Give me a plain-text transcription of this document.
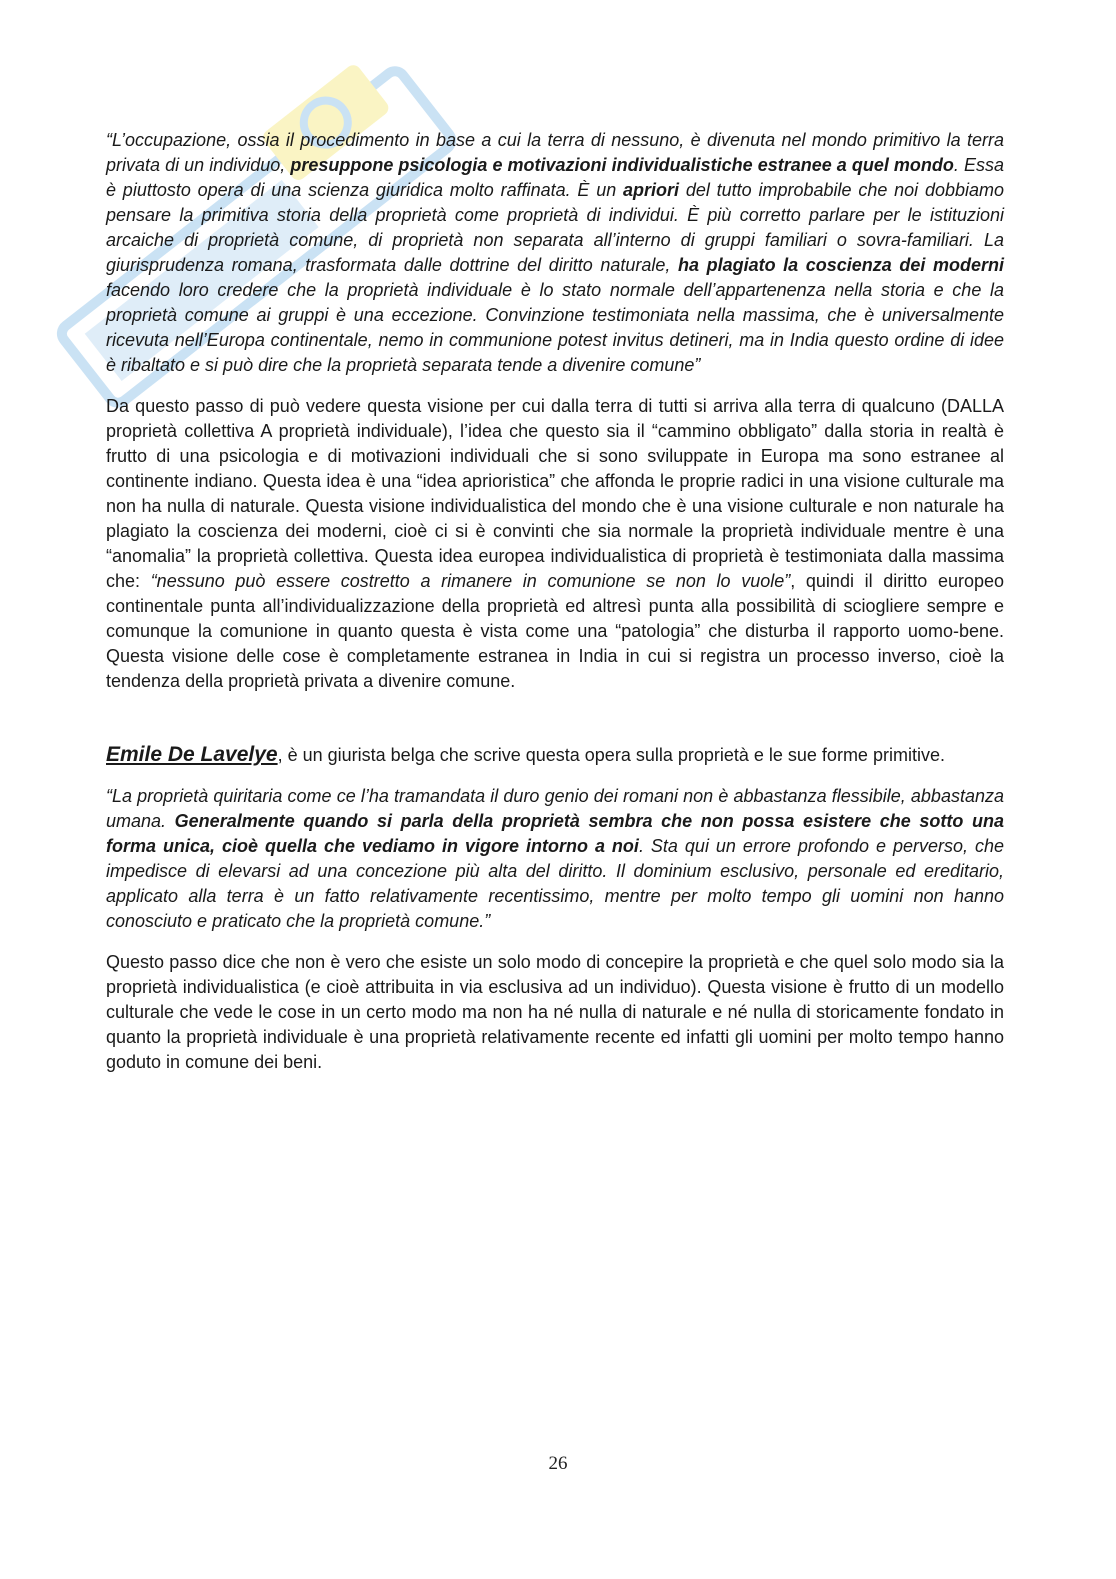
“L’occupazione, ossia il procedimento in base a cui la terra di nessuno, è divenuta nel mondo primitivo la terra privata di un individuo, presuppone psicologia e motivazioni individualistiche estranee a quel mondo. Essa è piuttosto opera di una scienza giuridica molto raffinata. È un apriori del tutto improbabile che noi dobbiamo pensare la primitiva storia della proprietà come proprietà di individui. È più corretto parlare per le istituzioni arcaiche di proprietà comune, di proprietà non separata all’interno di gruppi familiari o sovra-familiari. La giurisprudenza romana, trasformata dalle dottrine del diritto naturale, ha plagiato la coscienza dei moderni facendo loro credere che la proprietà individuale è lo stato normale dell’appartenenza nella storia e che la proprietà comune ai gruppi è una eccezione. Convinzione testimoniata nella massima, che è universalmente ricevuta nell’Europa continentale, nemo in communione potest invitus detineri, ma in India questo ordine di idee è ribaltato e si può dire che la proprietà separata tende a divenire comune”

Da questo passo di può vedere questa visione per cui dalla terra di tutti si arriva alla terra di qualcuno (DALLA proprietà collettiva A proprietà individuale), l’idea che questo sia il “cammino obbligato” dalla storia in realtà è frutto di una psicologia e di motivazioni individuali che si sono sviluppate in Europa ma sono estranee al continente indiano. Questa idea è una “idea aprioristica” che affonda le proprie radici in una visione culturale ma non ha nulla di naturale. Questa visione individualistica del mondo che è una visione culturale e non naturale ha plagiato la coscienza dei moderni, cioè ci si è convinti che sia normale la proprietà individuale mentre è una “anomalia” la proprietà collettiva. Questa idea europea individualistica di proprietà è testimoniata dalla massima che: “nessuno può essere costretto a rimanere in comunione se non lo vuole”, quindi il diritto europeo continentale punta all’individualizzazione della proprietà ed altresì punta alla possibilità di sciogliere sempre e comunque la comunione in quanto questa è vista come una “patologia” che disturba il rapporto uomo-bene. Questa visione delle cose è completamente estranea in India in cui si registra un processo inverso, cioè la tendenza della proprietà privata a divenire comune.

Emile De Lavelye, è un giurista belga che scrive questa opera sulla proprietà e le sue forme primitive.

“La proprietà quiritaria come ce l’ha tramandata il duro genio dei romani non è abbastanza flessibile, abbastanza umana. Generalmente quando si parla della proprietà sembra che non possa esistere che sotto una forma unica, cioè quella che vediamo in vigore intorno a noi. Sta qui un errore profondo e perverso, che impedisce di elevarsi ad una concezione più alta del diritto. Il dominium esclusivo, personale ed ereditario, applicato alla terra è un fatto relativamente recentissimo, mentre per molto tempo gli uomini non hanno conosciuto e praticato che la proprietà comune.”

Questo passo dice che non è vero che esiste un solo modo di concepire la proprietà e che quel solo modo sia la proprietà individualistica (e cioè attribuita in via esclusiva ad un individuo). Questa visione è frutto di un modello culturale che vede le cose in un certo modo ma non ha né nulla di naturale e né nulla di storicamente fondato in quanto la proprietà individuale è una proprietà relativamente recente ed infatti gli uomini per molto tempo hanno goduto in comune dei beni.

26
